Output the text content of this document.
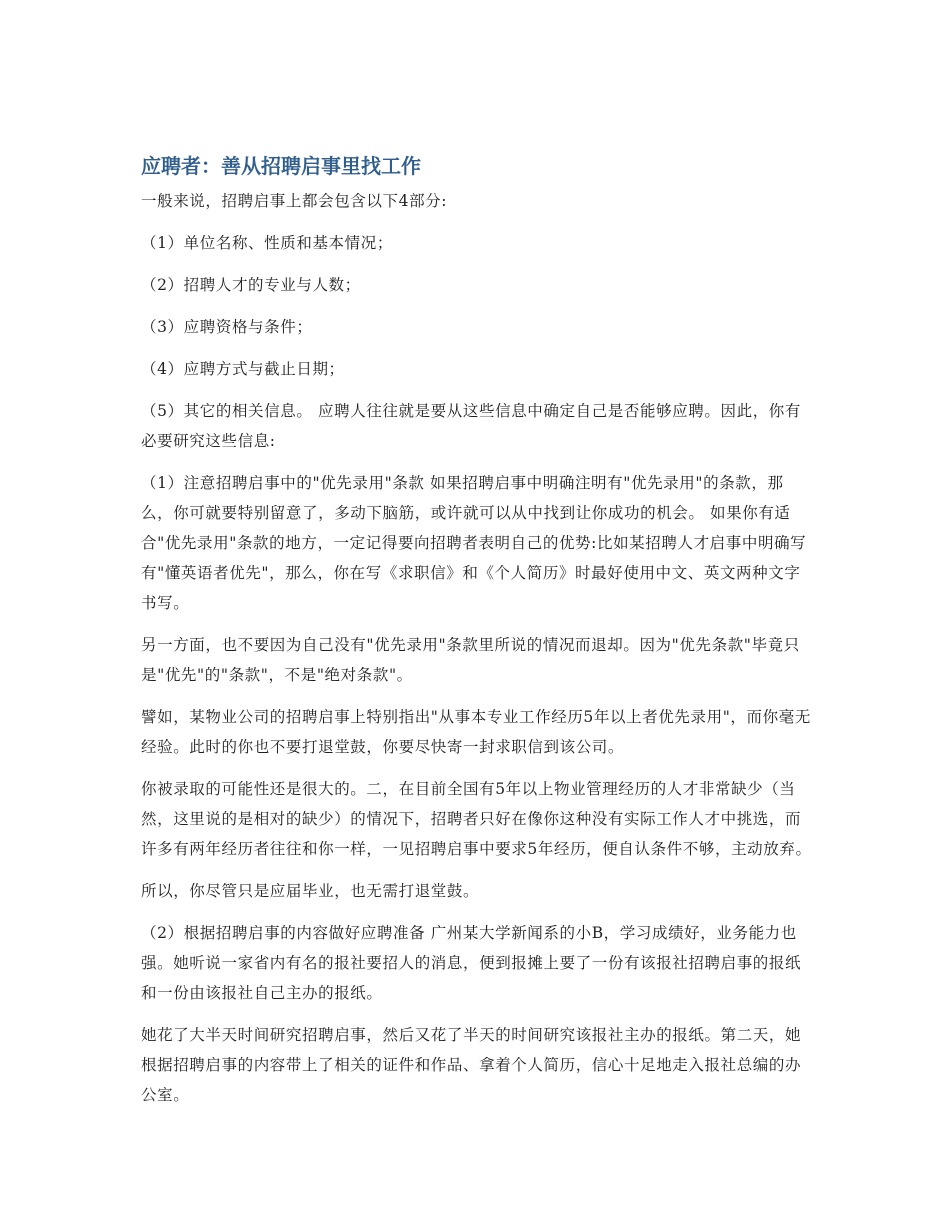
应聘者：善从招聘启事里找工作

一般来说，招聘启事上都会包含以下4部分:

（1）单位名称、性质和基本情况；

（2）招聘人才的专业与人数；

（3）应聘资格与条件；

（4）应聘方式与截止日期；

（5）其它的相关信息。 应聘人往往就是要从这些信息中确定自己是否能够应聘。因此，你有必要研究这些信息:

（1）注意招聘启事中的"优先录用"条款 如果招聘启事中明确注明有"优先录用"的条款，那么，你可就要特别留意了，多动下脑筋，或许就可以从中找到让你成功的机会。 如果你有适合"优先录用"条款的地方，一定记得要向招聘者表明自己的优势:比如某招聘人才启事中明确写有"懂英语者优先"，那么，你在写《求职信》和《个人简历》时最好使用中文、英文两种文字书写。

另一方面，也不要因为自己没有"优先录用"条款里所说的情况而退却。因为"优先条款"毕竟只是"优先"的"条款"，不是"绝对条款"。

譬如，某物业公司的招聘启事上特别指出"从事本专业工作经历5年以上者优先录用"，而你毫无经验。此时的你也不要打退堂鼓，你要尽快寄一封求职信到该公司。

你被录取的可能性还是很大的。二，在目前全国有5年以上物业管理经历的人才非常缺少（当然，这里说的是相对的缺少）的情况下，招聘者只好在像你这种没有实际工作人才中挑选，而许多有两年经历者往往和你一样，一见招聘启事中要求5年经历，便自认条件不够，主动放弃。

所以，你尽管只是应届毕业，也无需打退堂鼓。

（2）根据招聘启事的内容做好应聘准备 广州某大学新闻系的小B，学习成绩好，业务能力也强。她听说一家省内有名的报社要招人的消息，便到报摊上要了一份有该报社招聘启事的报纸和一份由该报社自己主办的报纸。

她花了大半天时间研究招聘启事，然后又花了半天的时间研究该报社主办的报纸。第二天，她根据招聘启事的内容带上了相关的证件和作品、拿着个人简历，信心十足地走入报社总编的办公室。
